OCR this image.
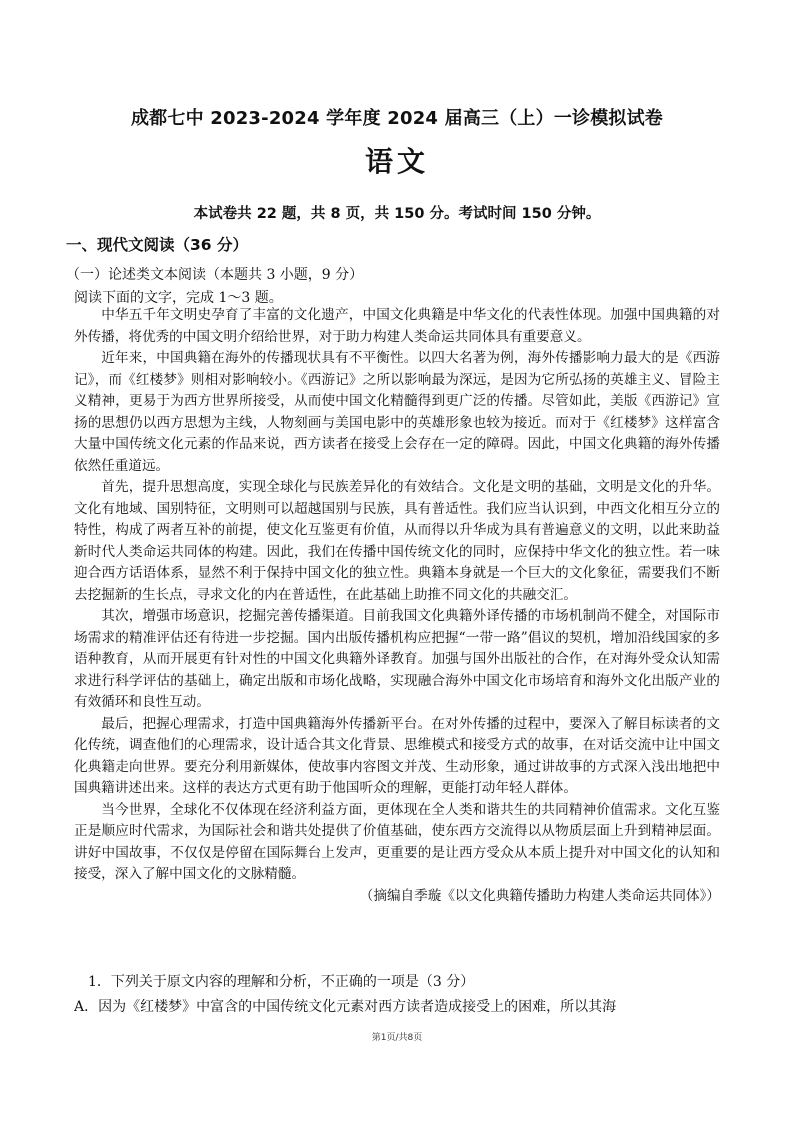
成都七中 2023-2024 学年度 2024 届高三（上）一诊模拟试卷
语文
本试卷共 22 题，共 8 页，共 150 分。考试时间 150 分钟。
一、现代文阅读（36 分）
（一）论述类文本阅读（本题共 3 小题，9 分）
阅读下面的文字，完成 1～3 题。

中华五千年文明史孕育了丰富的文化遗产，中国文化典籍是中华文化的代表性体现。加强中国典籍的对外传播，将优秀的中国文明介绍给世界，对于助力构建人类命运共同体具有重要意义。

近年来，中国典籍在海外的传播现状具有不平衡性。以四大名著为例，海外传播影响力最大的是《西游记》，而《红楼梦》则相对影响较小。《西游记》之所以影响最为深远，是因为它所弘扬的英雄主义、冒险主义精神，更易于为西方世界所接受，从而使中国文化精髓得到更广泛的传播。尽管如此，美版《西游记》宣扬的思想仍以西方思想为主线，人物刻画与美国电影中的英雄形象也较为接近。而对于《红楼梦》这样富含大量中国传统文化元素的作品来说，西方读者在接受上会存在一定的障碍。因此，中国文化典籍的海外传播依然任重道远。

首先，提升思想高度，实现全球化与民族差异化的有效结合。文化是文明的基础，文明是文化的升华。文化有地域、国别特征，文明则可以超越国别与民族，具有普适性。我们应当认识到，中西文化相互分立的特性，构成了两者互补的前提，使文化互鉴更有价值，从而得以升华成为具有普遍意义的文明，以此来助益新时代人类命运共同体的构建。因此，我们在传播中国传统文化的同时，应保持中华文化的独立性。若一味迎合西方话语体系，显然不利于保持中国文化的独立性。典籍本身就是一个巨大的文化象征，需要我们不断去挖掘新的生长点，寻求文化的内在普适性，在此基础上助推不同文化的共融交汇。

其次，增强市场意识，挖掘完善传播渠道。目前我国文化典籍外译传播的市场机制尚不健全，对国际市场需求的精准评估还有待进一步挖掘。国内出版传播机构应把握“一带一路”倡议的契机，增加沿线国家的多语种教育，从而开展更有针对性的中国文化典籍外译教育。加强与国外出版社的合作，在对海外受众认知需求进行科学评估的基础上，确定出版和市场化战略，实现融合海外中国文化市场培育和海外文化出版产业的有效循环和良性互动。

最后，把握心理需求，打造中国典籍海外传播新平台。在对外传播的过程中，要深入了解目标读者的文化传统，调查他们的心理需求，设计适合其文化背景、思维模式和接受方式的故事，在对话交流中让中国文化典籍走向世界。要充分利用新媒体，使故事内容图文并茂、生动形象，通过讲故事的方式深入浅出地把中国典籍讲述出来。这样的表达方式更有助于他国听众的理解，更能打动年轻人群体。

当今世界，全球化不仅体现在经济利益方面，更体现在全人类和谐共生的共同精神价值需求。文化互鉴正是顺应时代需求，为国际社会和谐共处提供了价值基础，使东西方交流得以从物质层面上升到精神层面。讲好中国故事，不仅仅是停留在国际舞台上发声，更重要的是让西方受众从本质上提升对中国文化的认知和接受，深入了解中国文化的文脉精髓。

（摘编自季璇《以文化典籍传播助力构建人类命运共同体》）

1．下列关于原文内容的理解和分析，不正确的一项是（3 分）
A．因为《红楼梦》中富含的中国传统文化元素对西方读者造成接受上的困难，所以其海
第1页/共8页
